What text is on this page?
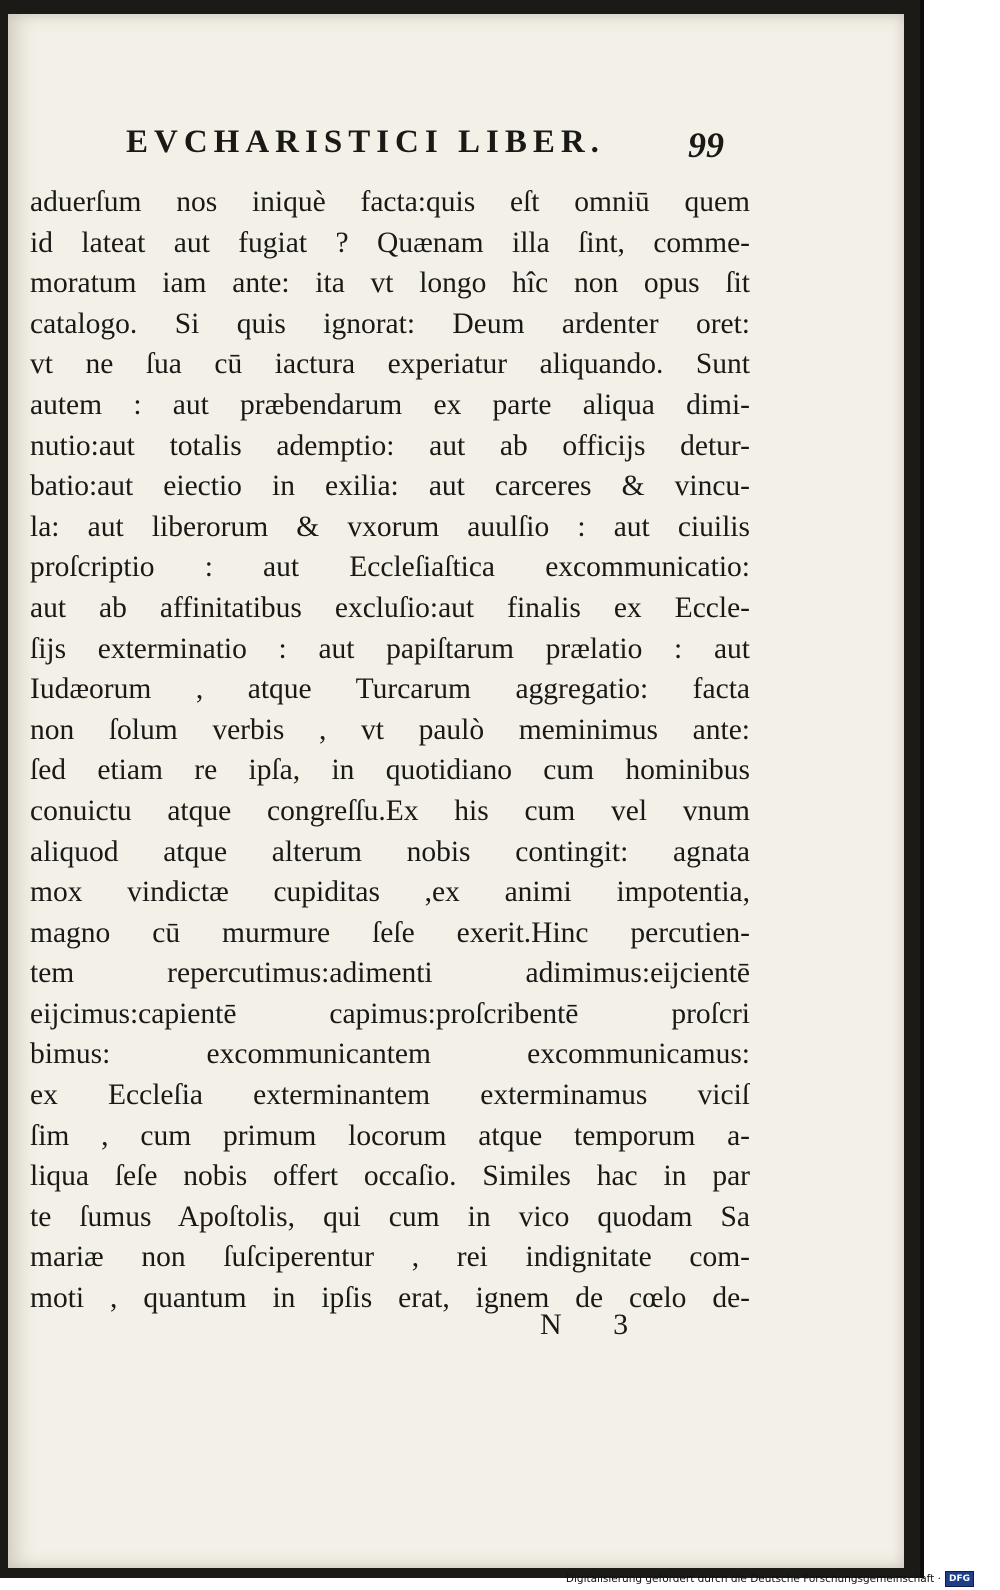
EVCHARISTICI LIBER. 99
aduerſum nos iniquè facta:quis eſt omniū quem
id lateat aut fugiat ? Quænam illa ſint, comme-
moratum iam ante: ita vt longo hîc non opus ſit
catalogo. Si quis ignorat: Deum ardenter oret:
vt ne ſua cū iactura experiatur aliquando. Sunt
autem : aut præbendarum ex parte aliqua dimi-
nutio:aut totalis ademptio: aut ab officijs detur-
batio:aut eiectio in exilia: aut carceres & vincu-
la: aut liberorum & vxorum auulſio : aut ciuilis
proſcriptio : aut Eccleſiaſtica excommunicatio:
aut ab affinitatibus excluſio:aut finalis ex Eccle-
ſijs exterminatio : aut papiſtarum prælatio : aut
Iudæorum , atque Turcarum aggregatio: facta
non ſolum verbis , vt paulò meminimus ante:
ſed etiam re ipſa, in quotidiano cum hominibus
conuictu atque congreſſu.Ex his cum vel vnum
aliquod atque alterum nobis contingit: agnata
mox vindictæ cupiditas ,ex animi impotentia,
magno cū murmure ſeſe exerit.Hinc percutien-
tem repercutimus:adimenti adimimus:eijcientē
eijcimus:capientē capimus:proſcribentē proſcri
bimus: excommunicantem excommunicamus:
ex Eccleſia exterminantem exterminamus viciſ
ſim , cum primum locorum atque temporum a-
liqua ſeſe nobis offert occaſio. Similes hac in par
te ſumus Apoſtolis, qui cum in vico quodam Sa
mariæ non ſuſciperentur , rei indignitate com-
moti , quantum in ipſis erat, ignem de cœlo de-
N 3
Digitalisierung gefördert durch die Deutsche Forschungsgemeinschaft · DFG
